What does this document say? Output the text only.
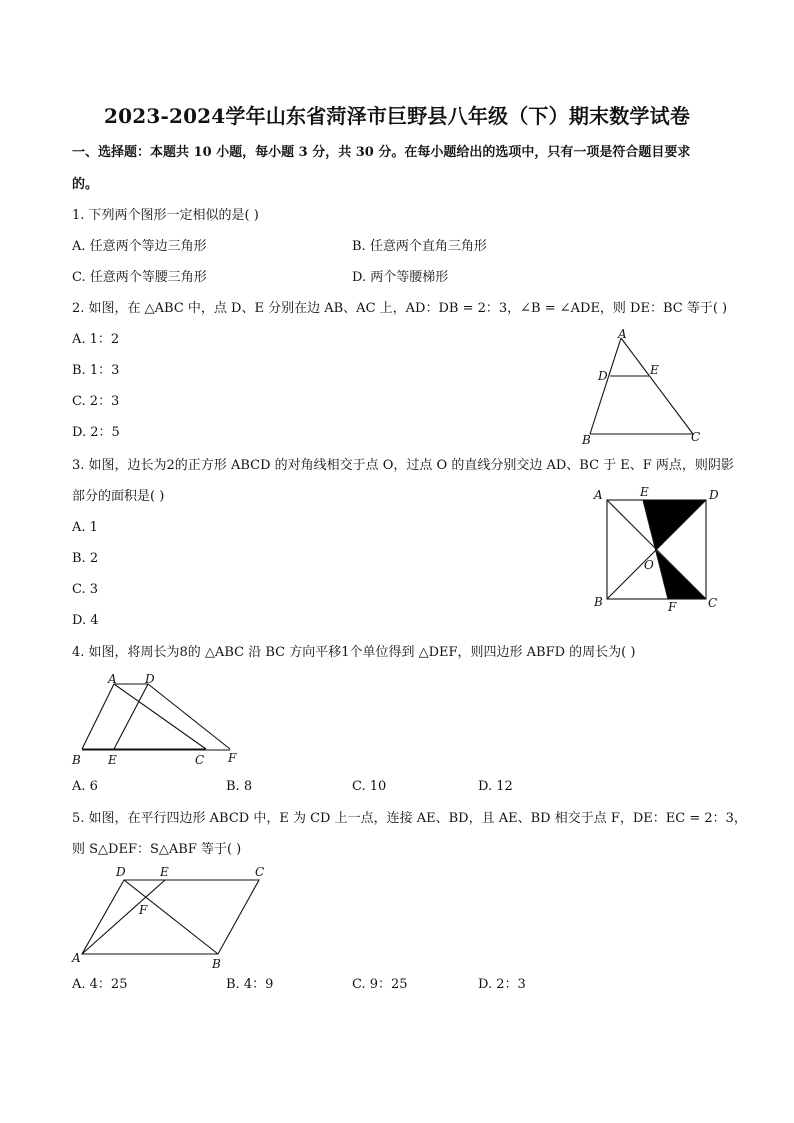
2023-2024学年山东省菏泽市巨野县八年级（下）期末数学试卷
一、选择题：本题共 10 小题，每小题 3 分，共 30 分。在每小题给出的选项中，只有一项是符合题目要求
的。
1. 下列两个图形一定相似的是( )
A. 任意两个等边三角形	B. 任意两个直角三角形
C. 任意两个等腰三角形	D. 两个等腰梯形
2. 如图，在 △ABC 中，点 D、E 分别在边 AB、AC 上，AD：DB = 2：3，∠B = ∠ADE，则 DE：BC 等于( )
A. 1：2
B. 1：3
C. 2：3
D. 2：5
A
D	E
B	C
3. 如图，边长为2的正方形 ABCD 的对角线相交于点 O，过点 O 的直线分别交边 AD、BC 于 E、F 两点，则阴影
部分的面积是( )
A. 1
B. 2
C. 3
D. 4
A	E	D
O
B	F	C
4. 如图，将周长为8的 △ABC 沿 BC 方向平移1个单位得到 △DEF，则四边形 ABFD 的周长为( )
A D
B E	C F
A. 6	B. 8	C. 10	D. 12
5. 如图，在平行四边形 ABCD 中，E 为 CD 上一点，连接 AE、BD，且 AE、BD 相交于点 F，DE：EC = 2：3，
则 S△DEF：S△ABF 等于( )
D	E	C
F
A	B
A. 4：25	B. 4：9	C. 9：25	D. 2：3
